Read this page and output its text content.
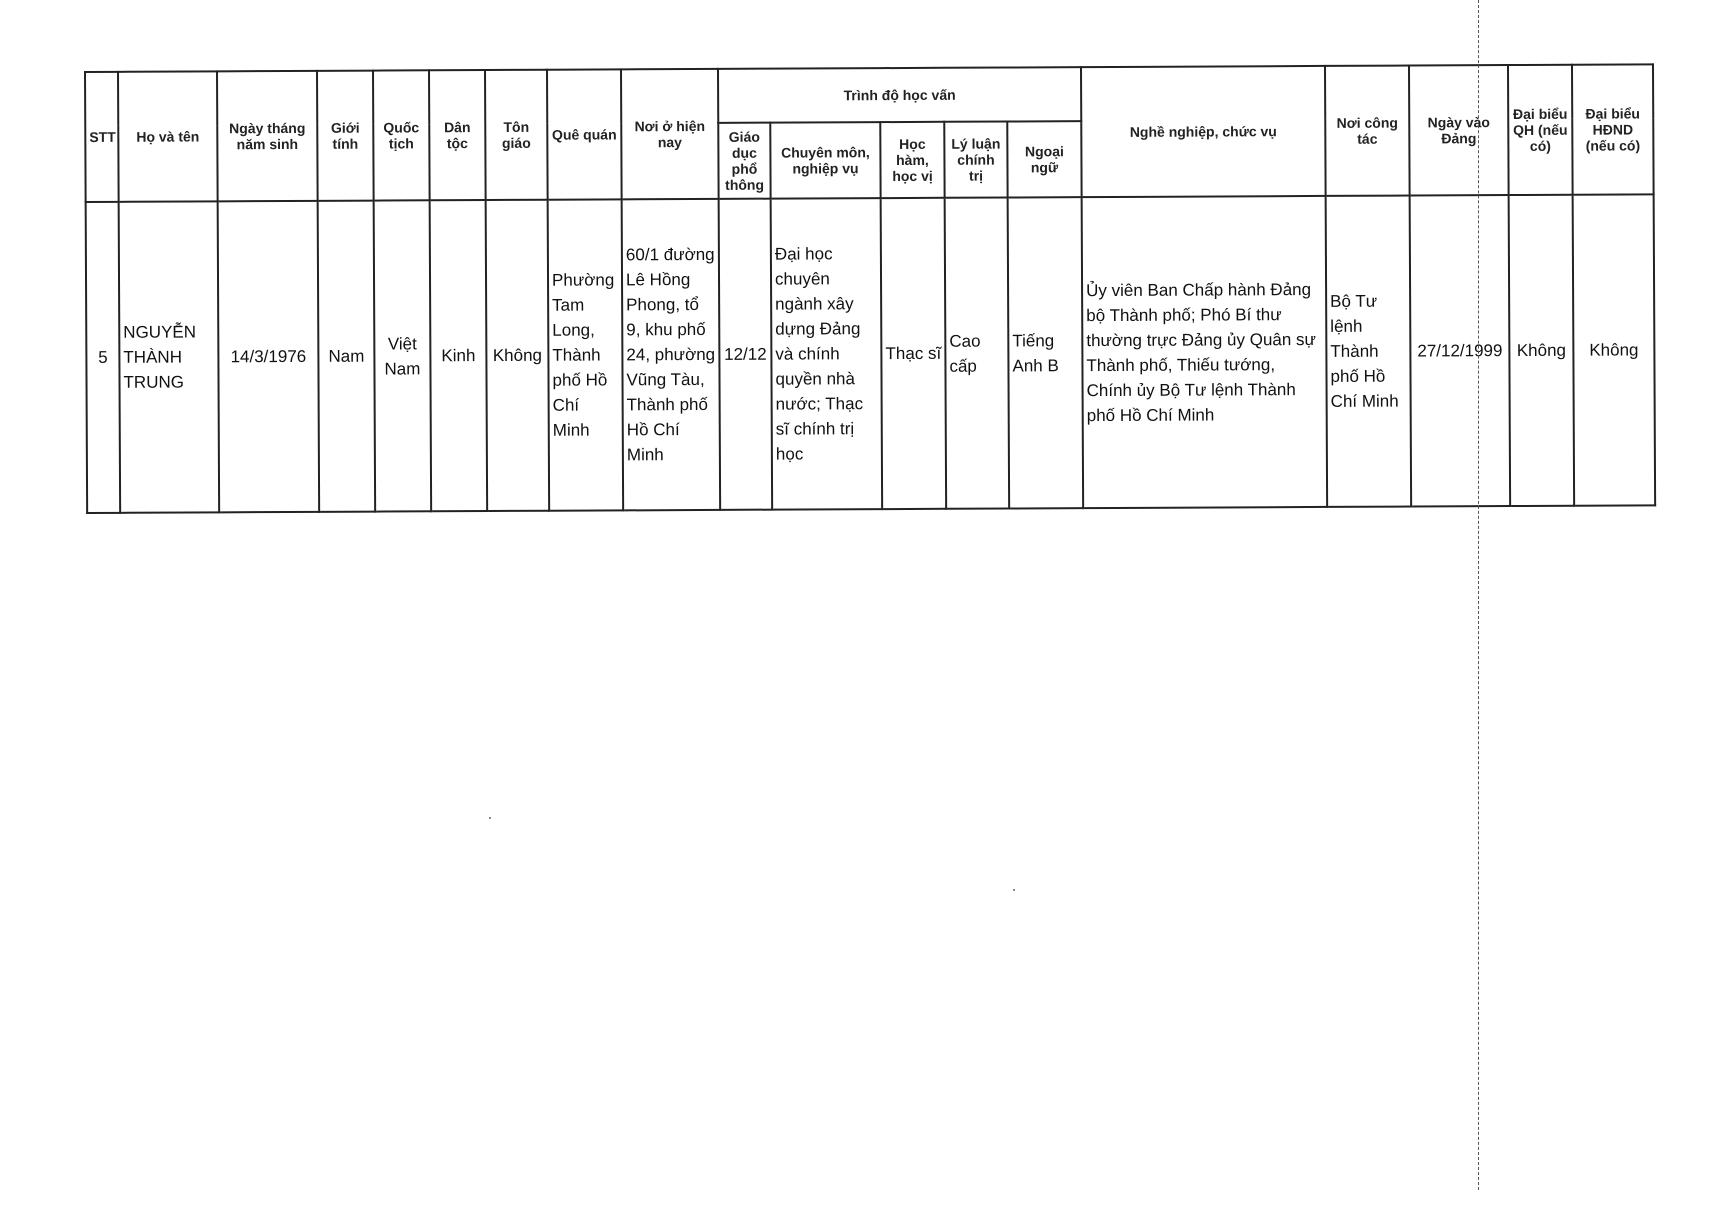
STT	Họ và tên	Ngày tháng năm sinh	Giới tính	Quốc tịch	Dân tộc	Tôn giáo	Quê quán	Nơi ở hiện nay	Trình độ học vấn					Nghề nghiệp, chức vụ	Nơi công tác	Ngày vào Đảng	Đại biểu QH (nếu có)	Đại biểu HĐND (nếu có)
									Giáo dục phổ thông	Chuyên môn, nghiệp vụ	Học hàm, học vị	Lý luận chính trị	Ngoại ngữ					
5	NGUYỄN THÀNH TRUNG	14/3/1976	Nam	Việt Nam	Kinh	Không	Phường Tam Long, Thành phố Hồ Chí Minh	60/1 đường Lê Hồng Phong, tổ 9, khu phố 24, phường Vũng Tàu, Thành phố Hồ Chí Minh	12/12	Đại học chuyên ngành xây dựng Đảng và chính quyền nhà nước; Thạc sĩ chính trị học	Thạc sĩ	Cao cấp	Tiếng Anh B	Ủy viên Ban Chấp hành Đảng bộ Thành phố; Phó Bí thư thường trực Đảng ủy Quân sự Thành phố, Thiếu tướng, Chính ủy Bộ Tư lệnh Thành phố Hồ Chí Minh	Bộ Tư lệnh Thành phố Hồ Chí Minh	27/12/1999	Không	Không
